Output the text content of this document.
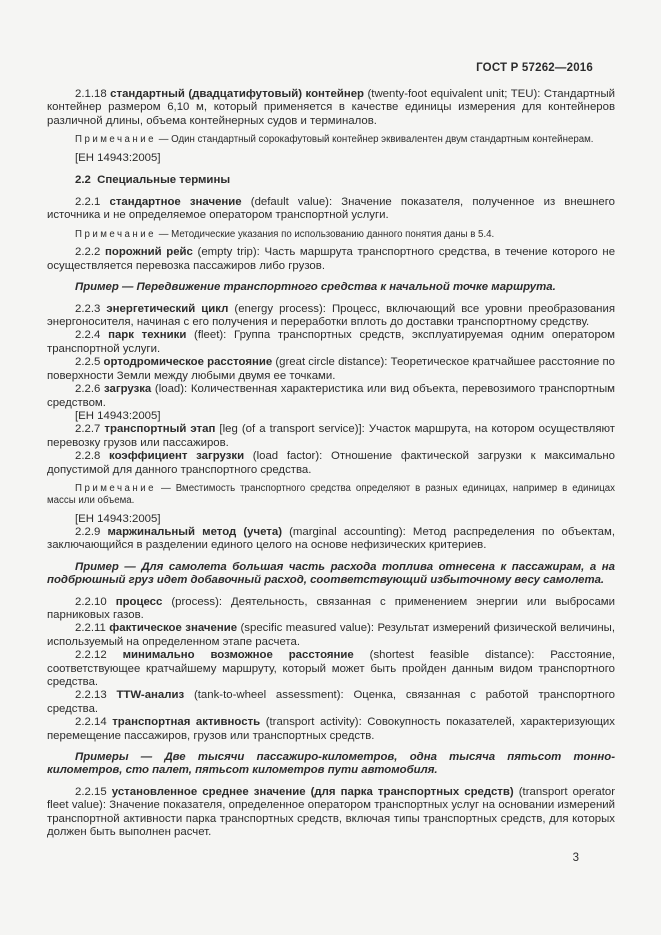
ГОСТ Р 57262—2016

2.1.18 стандартный (двадцатифутовый) контейнер (twenty-foot equivalent unit; TEU): Стандартный контейнер размером 6,10 м, который применяется в качестве единицы измерения для контейнеров различной длины, объема контейнерных судов и терминалов.

Примечание — Один стандартный сорокафутовый контейнер эквивалентен двум стандартным контейнерам.

[ЕН 14943:2005]

2.2  Специальные термины

2.2.1 стандартное значение (default value): Значение показателя, полученное из внешнего источника и не определяемое оператором транспортной услуги.

Примечание — Методические указания по использованию данного понятия даны в 5.4.

2.2.2 порожний рейс (empty trip): Часть маршрута транспортного средства, в течение которого не осуществляется перевозка пассажиров либо грузов.

Пример — Передвижение транспортного средства к начальной точке маршрута.

2.2.3 энергетический цикл (energy process): Процесс, включающий все уровни преобразования энергоносителя, начиная с его получения и переработки вплоть до доставки транспортному средству.

2.2.4 парк техники (fleet): Группа транспортных средств, эксплуатируемая одним оператором транспортной услуги.

2.2.5 ортодромическое расстояние (great circle distance): Теоретическое кратчайшее расстояние по поверхности Земли между любыми двумя ее точками.

2.2.6 загрузка (load): Количественная характеристика или вид объекта, перевозимого транспортным средством.

[ЕН 14943:2005]

2.2.7 транспортный этап [leg (of a transport service)]: Участок маршрута, на котором осуществляют перевозку грузов или пассажиров.

2.2.8 коэффициент загрузки (load factor): Отношение фактической загрузки к максимально допустимой для данного транспортного средства.

Примечание — Вместимость транспортного средства определяют в разных единицах, например в единицах массы или объема.

[ЕН 14943:2005]

2.2.9 маржинальный метод (учета) (marginal accounting): Метод распределения по объектам, заключающийся в разделении единого целого на основе нефизических критериев.

Пример — Для самолета большая часть расхода топлива отнесена к пассажирам, а на подбрюшный груз идет добавочный расход, соответствующий избыточному весу самолета.

2.2.10 процесс (process): Деятельность, связанная с применением энергии или выбросами парниковых газов.

2.2.11 фактическое значение (specific measured value): Результат измерений физической величины, используемый на определенном этапе расчета.

2.2.12 минимально возможное расстояние (shortest feasible distance): Расстояние, соответствующее кратчайшему маршруту, который может быть пройден данным видом транспортного средства.

2.2.13 TTW-анализ (tank-to-wheel assessment): Оценка, связанная с работой транспортного средства.

2.2.14 транспортная активность (transport activity): Совокупность показателей, характеризующих перемещение пассажиров, грузов или транспортных средств.

Примеры — Две тысячи пассажиро-километров, одна тысяча пятьсот тонно-километров, сто палет, пятьсот километров пути автомобиля.

2.2.15 установленное среднее значение (для парка транспортных средств) (transport operator fleet value): Значение показателя, определенное оператором транспортных услуг на основании измерений транспортной активности парка транспортных средств, включая типы транспортных средств, для которых должен быть выполнен расчет.

3
